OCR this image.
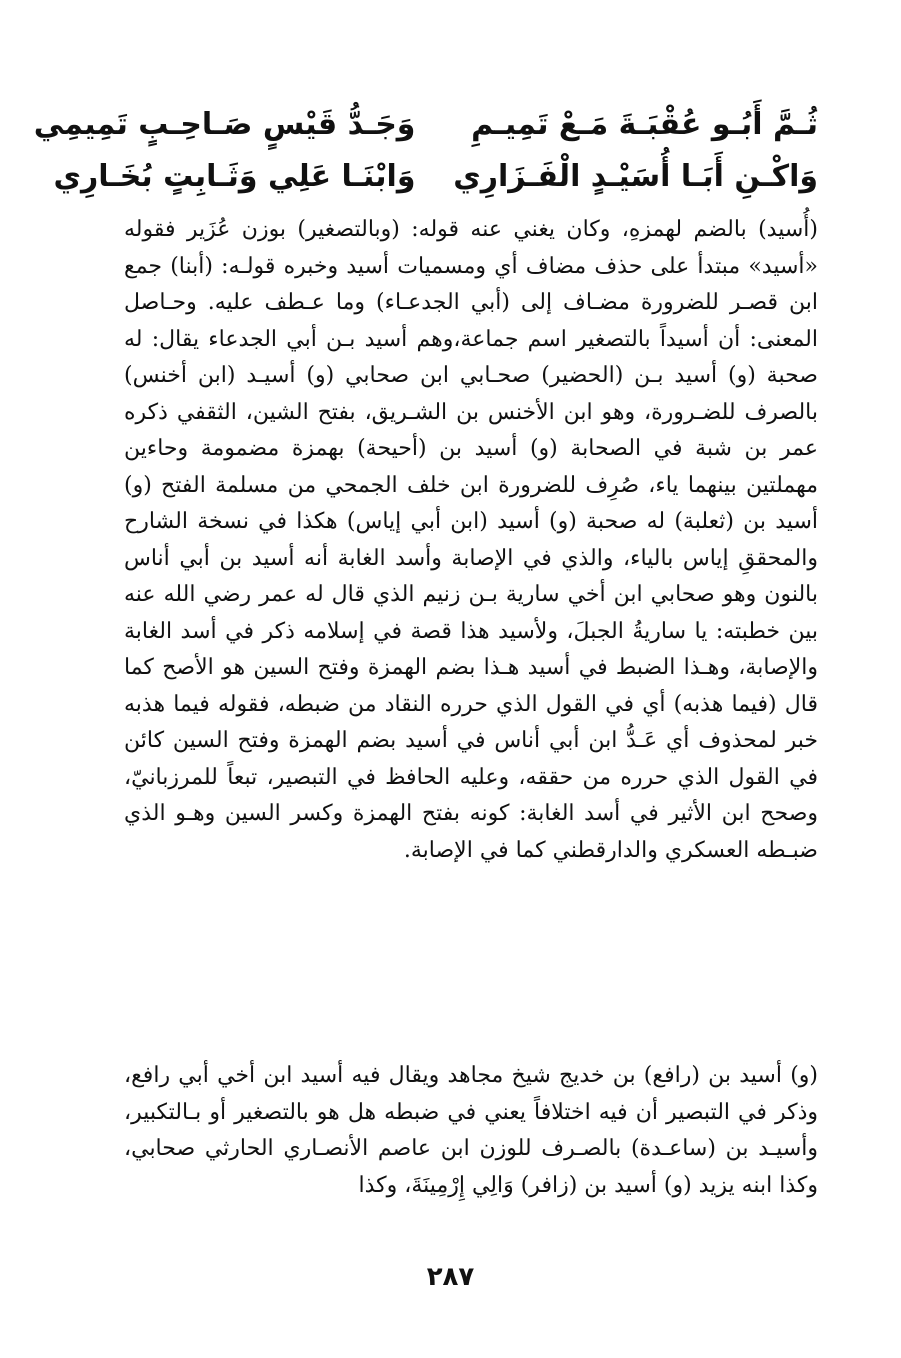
ثُـمَّ أَبُـو عُقْبَـةَ مَـعْ تَمِيـمِ
وَجَـدُّ قَيْسٍ صَـاحِـبٍ تَمِيمِي
وَاكْـنِ أَبَـا أُسَيْـدٍ الْفَـزَارِي
وَابْنَـا عَلِي وَثَـابِتٍ بُخَـارِي

(أُسيد) بالضم لهمزهِ، وكان يغني عنه قوله: (وبالتصغير) بوزن عُزَير فقوله «أسيد» مبتدأ على حذف مضاف أي ومسميات أسيد وخبره قولـه: (أبنا) جمع ابن قصـر للضرورة مضـاف إلى (أبي الجدعـاء) وما عـطف عليه. وحـاصل المعنى: أن أسيداً بالتصغير اسم جماعة،وهم أسيد بـن أبي الجدعاء يقال: له صحبة (و) أسيد بـن (الحضير) صحـابي ابن صحابي (و) أسيـد (ابن أخنس) بالصرف للضـرورة، وهو ابن الأخنس بن الشـريق، بفتح الشين، الثقفي ذكره عمر بن شبة في الصحابة (و) أسيد بن (أحيحة) بهمزة مضمومة وحاءين مهملتين بينهما ياء، صُرِف للضرورة ابن خلف الجمحي من مسلمة الفتح (و) أسيد بن (ثعلبة) له صحبة (و) أسيد (ابن أبي إياس) هكذا في نسخة الشارح والمحققِ إياس بالياء، والذي في الإصابة وأسد الغابة أنه أسيد بن أبي أناس بالنون وهو صحابي ابن أخي سارية بـن زنيم الذي قال له عمر رضي الله عنه بين خطبته: يا ساريةُ الجبلَ، ولأسيد هذا قصة في إسلامه ذكر في أسد الغابة والإصابة، وهـذا الضبط في أسيد هـذا بضم الهمزة وفتح السين هو الأصح كما قال (فيما هذبه) أي في القول الذي حرره النقاد من ضبطه، فقوله فيما هذبه خبر لمحذوف أي عَـدُّ ابن أبي أناس في أسيد بضم الهمزة وفتح السين كائن في القول الذي حرره من حققه، وعليه الحافظ في التبصير، تبعاً للمرزبانيّ، وصحح ابن الأثير في أسد الغابة: كونه بفتح الهمزة وكسر السين وهـو الذي ضبـطه العسكري والدارقطني كما في الإصابة.

(و) أسيد بن (رافع) بن خديج شيخ مجاهد ويقال فيه أسيد ابن أخي أبي رافع، وذكر في التبصير أن فيه اختلافاً يعني في ضبطه هل هو بالتصغير أو بـالتكبير، وأسيـد بن (ساعـدة) بالصـرف للوزن ابن عاصم الأنصـاري الحارثي صحابي، وكذا ابنه يزيد (و) أسيد بن (زافر) وَالِي إِرْمِينَةَ، وكذا

٢٨٧
